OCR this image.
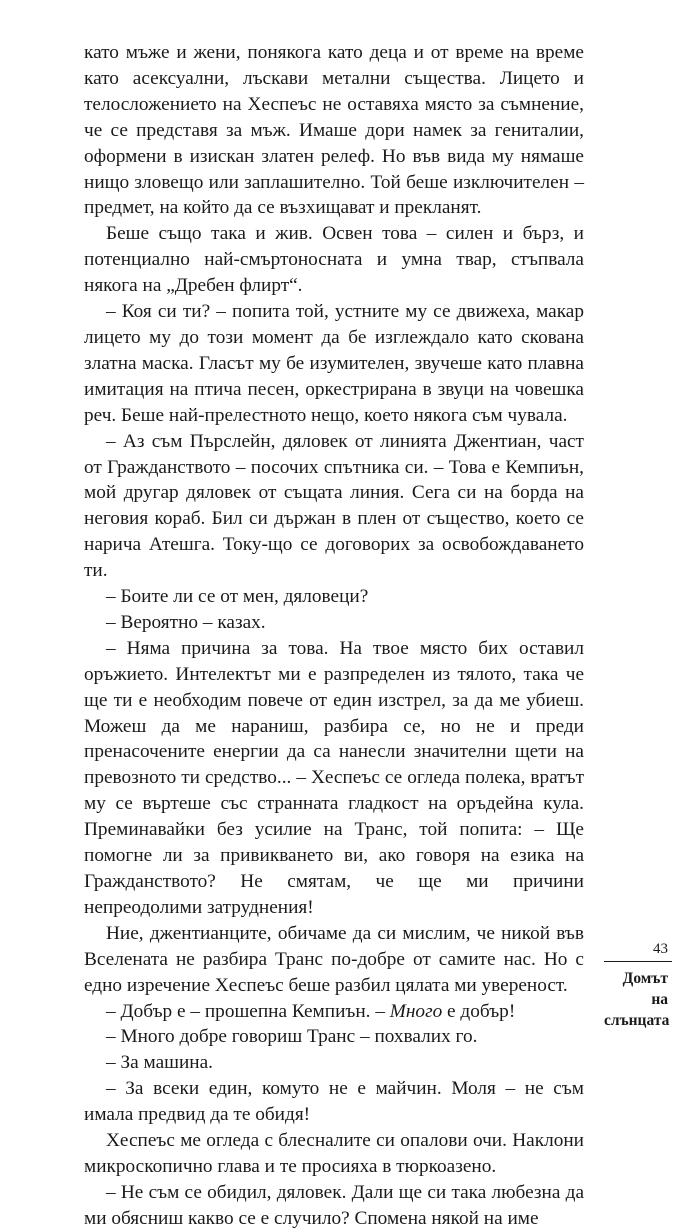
като мъже и жени, понякога като деца и от време на време като асексуални, лъскави метални същества. Лицето и телосложението на Хеспеъс не оставяха място за съмнение, че се представя за мъж. Имаше дори намек за гениталии, оформени в изискан златен релеф. Но във вида му нямаше нищо зловещо или заплашително. Той беше изключителен – предмет, на който да се възхищават и прекланят.

Беше също така и жив. Освен това – силен и бърз, и потенциално най-смъртоносната и умна твар, стъпвала някога на „Дребен флирт“.

– Коя си ти? – попита той, устните му се движеха, макар лицето му до този момент да бе изглеждало като скована златна маска. Гласът му бе изумителен, звучеше като плавна имитация на птича песен, оркестрирана в звуци на човешка реч. Беше най-прелестното нещо, което някога съм чувала.

– Аз съм Пърслейн, дяловек от линията Джентиан, част от Гражданството – посочих спътника си. – Това е Кемпиън, мой другар дяловек от същата линия. Сега си на борда на неговия кораб. Бил си държан в плен от същество, което се нарича Атешга. Току-що се договорих за освобождаването ти.

– Боите ли се от мен, дяловеци?

– Вероятно – казах.

– Няма причина за това. На твое място бих оставил оръжието. Интелектът ми е разпределен из тялото, така че ще ти е необходим повече от един изстрел, за да ме убиеш. Можеш да ме нараниш, разбира се, но не и преди пренасочените енергии да са нанесли значителни щети на превозното ти средство... – Хеспеъс се огледа полека, вратът му се въртеше със странната гладкост на оръдейна кула. Преминавайки без усилие на Транс, той попита: – Ще помогне ли за привикването ви, ако говоря на езика на Гражданството? Не смятам, че ще ми причини непреодолими затруднения!

Ние, джентианците, обичаме да си мислим, че никой във Вселената не разбира Транс по-добре от самите нас. Но с едно изречение Хеспеъс беше разбил цялата ми увереност.

– Добър е – прошепна Кемпиън. – Много е добър!

– Много добре говориш Транс – похвалих го.

– За машина.

– За всеки един, комуто не е майчин. Моля – не съм имала предвид да те обидя!

Хеспеъс ме огледа с блесналите си опалови очи. Наклони микроскопично глава и те просияха в тюркоазено.

– Не съм се обидил, дяловек. Дали ще си така любезна да ми обясниш какво се е случило? Спомена някой на име

43
Домът на слънцата
